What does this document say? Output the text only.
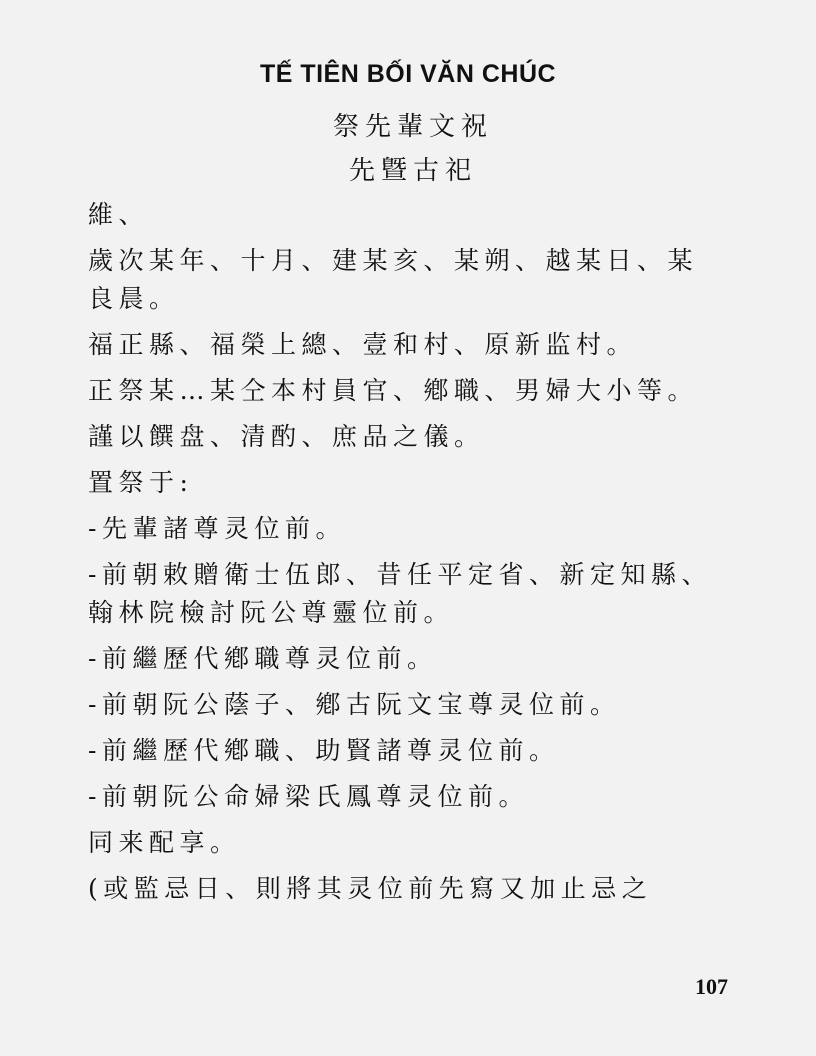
TẾ TIÊN BỐI VĂN CHÚC
祭先輩文祝
先曁古祀
維、
歲次某年、十月、建某亥、某朔、越某日、某良晨。
福正縣、福榮上總、壹和村、原新监村。
正祭某…某仝本村員官、鄕職、男婦大小等。
謹以饌盘、清酌、庶品之儀。
置祭于:
-先輩諸尊灵位前。
-前朝敕贈衛士伍郎、昔任平定省、新定知縣、翰林院檢討阮公尊靈位前。
-前繼歷代鄕職尊灵位前。
-前朝阮公蔭子、鄕古阮文宝尊灵位前。
-前繼歷代鄕職、助賢諸尊灵位前。
-前朝阮公命婦梁氏鳳尊灵位前。
同来配享。
(或監忌日、則將其灵位前先寫又加止忌之
107
